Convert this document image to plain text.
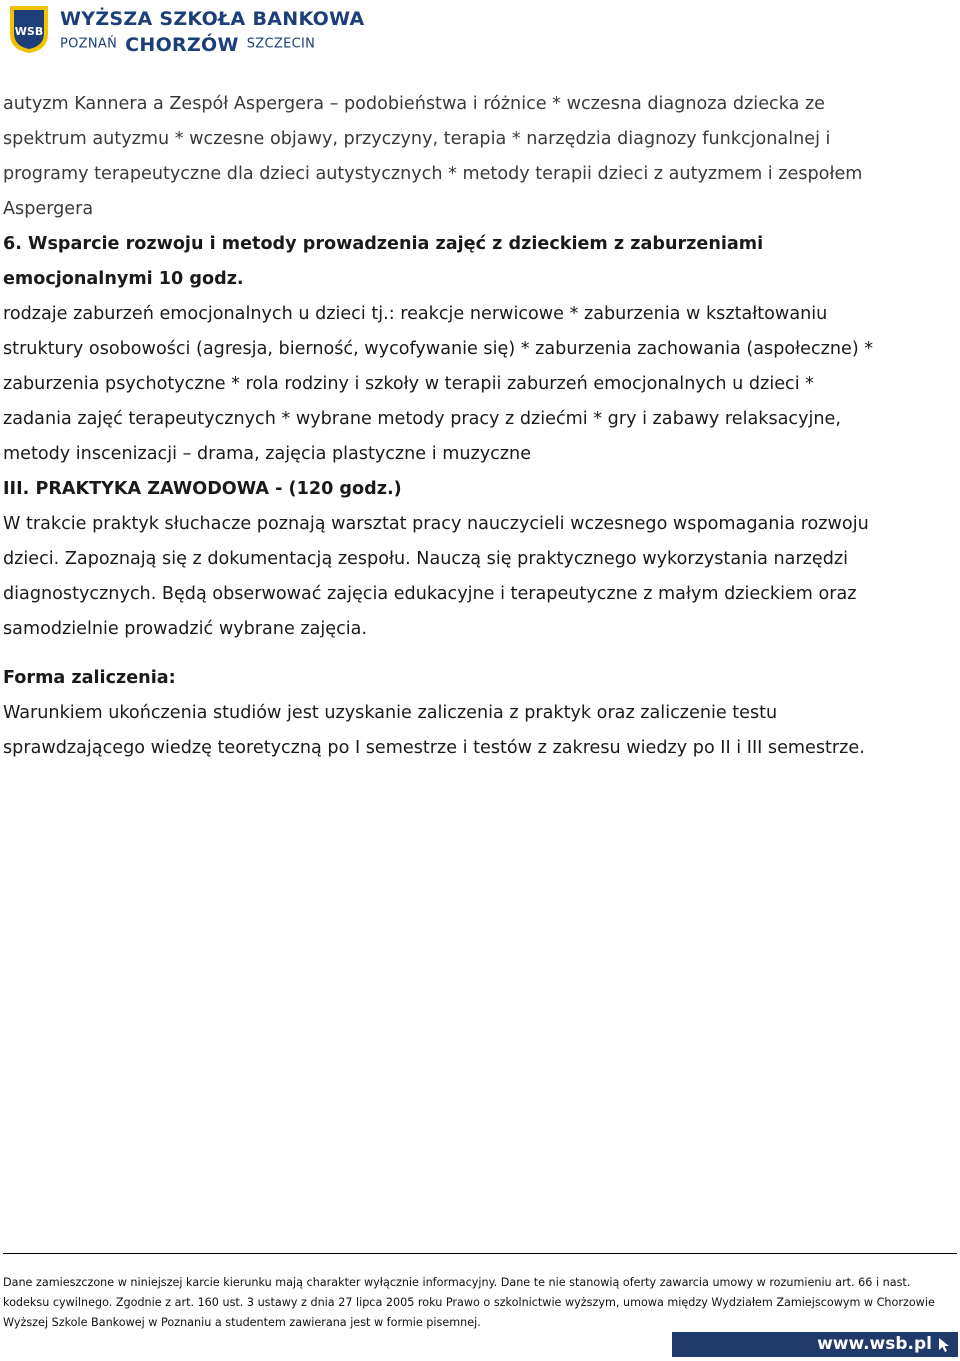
WSB
WYŻSZA SZKOŁA BANKOWA
POZNAŃ CHORZÓW SZCZECIN
autyzm Kannera a Zespół Aspergera – podobieństwa i różnice * wczesna diagnoza dziecka ze
spektrum autyzmu * wczesne objawy, przyczyny, terapia * narzędzia diagnozy funkcjonalnej i
programy terapeutyczne dla dzieci autystycznych * metody terapii dzieci z autyzmem i zespołem
Aspergera
6. Wsparcie rozwoju i metody prowadzenia zajęć z dzieckiem z zaburzeniami
emocjonalnymi 10 godz.
rodzaje zaburzeń emocjonalnych u dzieci tj.: reakcje nerwicowe * zaburzenia w kształtowaniu
struktury osobowości (agresja, bierność, wycofywanie się) * zaburzenia zachowania (aspołeczne) *
zaburzenia psychotyczne * rola rodziny i szkoły w terapii zaburzeń emocjonalnych u dzieci *
zadania zajęć terapeutycznych * wybrane metody pracy z dziećmi * gry i zabawy relaksacyjne,
metody inscenizacji – drama, zajęcia plastyczne i muzyczne
III. PRAKTYKA ZAWODOWA - (120 godz.)
W trakcie praktyk słuchacze poznają warsztat pracy nauczycieli wczesnego wspomagania rozwoju
dzieci. Zapoznają się z dokumentacją zespołu. Nauczą się praktycznego wykorzystania narzędzi
diagnostycznych. Będą obserwować zajęcia edukacyjne i terapeutyczne z małym dzieckiem oraz
samodzielnie prowadzić wybrane zajęcia.
Forma zaliczenia:
Warunkiem ukończenia studiów jest uzyskanie zaliczenia z praktyk oraz zaliczenie testu
sprawdzającego wiedzę teoretyczną po I semestrze i testów z zakresu wiedzy po II i III semestrze.
Dane zamieszczone w niniejszej karcie kierunku mają charakter wyłącznie informacyjny. Dane te nie stanowią oferty zawarcia umowy w rozumieniu art. 66 i nast.
kodeksu cywilnego. Zgodnie z art. 160 ust. 3 ustawy z dnia 27 lipca 2005 roku Prawo o szkolnictwie wyższym, umowa między Wydziałem Zamiejscowym w Chorzowie
Wyższej Szkole Bankowej w Poznaniu a studentem zawierana jest w formie pisemnej.
www.wsb.pl
